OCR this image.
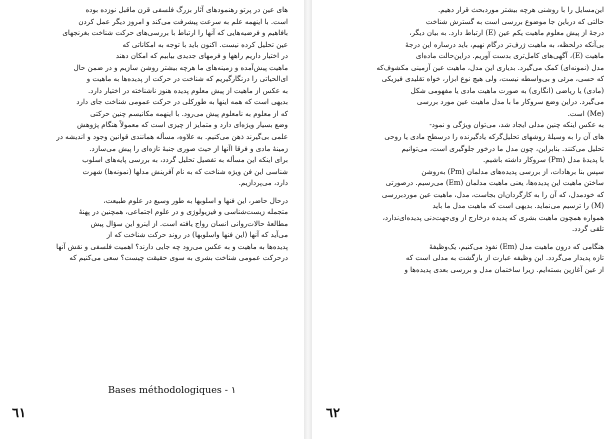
های عین در پرتو رهنمودهای آثار بزرگ فلسفی قرن ماقبل نوزده بوده
است. با اینهمه علم به سرعت پیشرفت می‌کند و امروز دیگر عمل کردن
بافاهیم و فرضیه‌هایی که آنها را ارتباط با بررسی‌های حرکت شناخت بغرنجهای
عین تحلیل کرده نیست. اکنون باید با توجه به امکاناتی که
در اختیار داریم راهها و فرمهای جدیدی بیابیم که امکان دهند
ماهیت پیش‌آمده و زمینه‌های ما هرچه بیشتر روشن سازیم و در ضمن حال
ای‌الحیاتی را درنگارگیریم که شناخت در حرکت از پدیده‌ها به ماهیت و
به عکس از ماهیت از پیش معلوم پدیده هنوز ناشناخته در اختیار دارد.
بدیهی است که همه اینها به طورکلی در حرکت عمومی شناخت جای دارد
که از معلوم به نامعلوم پیش می‌رود. با اینهمه مکانیسم چنین حرکتی
وضع بسیار ویژه‌ای دارد و متمایز از چیزی است که معمولاً هنگام پژوهش
علمی بی‌گیرند ذهن می‌کنیم. به علاوه، مسأله همانندی قوانین وجود و اندیشه در
زمینهٔ مادی و فرقا اآنها از حیث صوری جنبهٔ تازه‌ای را پیش می‌سازد.
برای اینکه این مسأله به تفصیل تحلیل گردد، به بررسی پایه‌های اسلوب
شناسی این فن ویژه شناخت که به نام آفرینش مدلها (نمونه‌ها) شهرت
دارد، می‌پردازیم.
درحال حاضر، این فنها و اسلوبها به طور وسیع در علوم طبیعت،
متجمله زیست‌شناسی و فیزیولوژی و در علوم اجتماعی، همچنین در پهنهٔ
مطالعهٔ حالات‌روانی انسان رواج یافته است. از اینرو این سؤال پیش
می‌آید که آنها (این فنها واسلوبها) در روند حرکت شناخت که از
پدیده‌ها به ماهیت و به عکس می‌رود چه جایی دارند؟ اهمیت فلسفی و نقش آنها
درحرکت عمومی شناخت بشری به سوی حقیقت چیست؟ سعی می‌کنیم که
Bases méthodologiques - ١
٦١
این‌مسایل را با روشنی هرچه بیشتر موردبحث قرار دهیم.
حالتی که درباین جا موضوع بررسی است به گسترش شناخت
درجهٔ از پیش معلوم ماهیت یکم عین (E) ارتباط دارد. به بیان دیگر،
بی‌آنکه درلحظه، به ماهیت ژرف‌تر درگام نهیم، باید درساره این درجهٔ
ماهیت (E)، آگهی‌های کامل‌تری بدست آوریم. دراین‌حالت ماده‌ای
مدل (نمونه‌ای) کمک می‌گیرد. بدیاری این مدل، ماهیت عین آزمینی مکشوف‌که
که حسی، مرئی و بی‌واسطه نیست، ولی هیچ نوع ابزار، خواه تقلیدی فیزیکی
(مادی) یا ریاضی (انگاری) به صورت ماهیت مادی یا مفهومی شکل
می‌گیرد. دراین وضع سروکار ما با مدل ماهیت عین مورد بررسی
(Me) است.
به عکس اینکه چنین مدلی ایجاد شد، می‌توان ویژگی و نمود-
های آن را به وسیلهٔ روشهای تحلیل‌گرکه یادگیرنده را درسطح مادی یا روحی
تحلیل می‌کنند. بنابراین، چون مدل ما درخور جلوگیری است، می‌توانیم
با پدیدهٔ مدل (Pm) سروکار داشته باشیم.
سپس بنا برهادات، از بررسی پدیده‌های مدلمان (Pm) به‌روشن
ساختن ماهیت این پدیده‌ها، یعنی ماهیت مدلمان (Em) می‌رسیم. درصورتی
که خودمدل، که آن را به کارگردان‌ان بجاست، مدل، ماهیت عین موردبررسی
(M) را ترسیم می‌نماید. بدیهی است که ماهیت مدل ما باید
همواره همچون ماهیت بشری که پدیده درخارج از وی‌جهت‌دنی پدیده‌ای‌ندارد،
تلقی گردد.
هنگامی که درون ماهیت مدل (Em) نفوذ می‌کنیم، یک‌وظیفهٔ
تازه پدیدار می‌گردد. این وظیفه عبارت از بازگشت به مدلی است که
از عین آغازین بسته‌ایم. زیرا ساختمان مدل و بررسی بعدی پدیده‌ها و
٦٢
